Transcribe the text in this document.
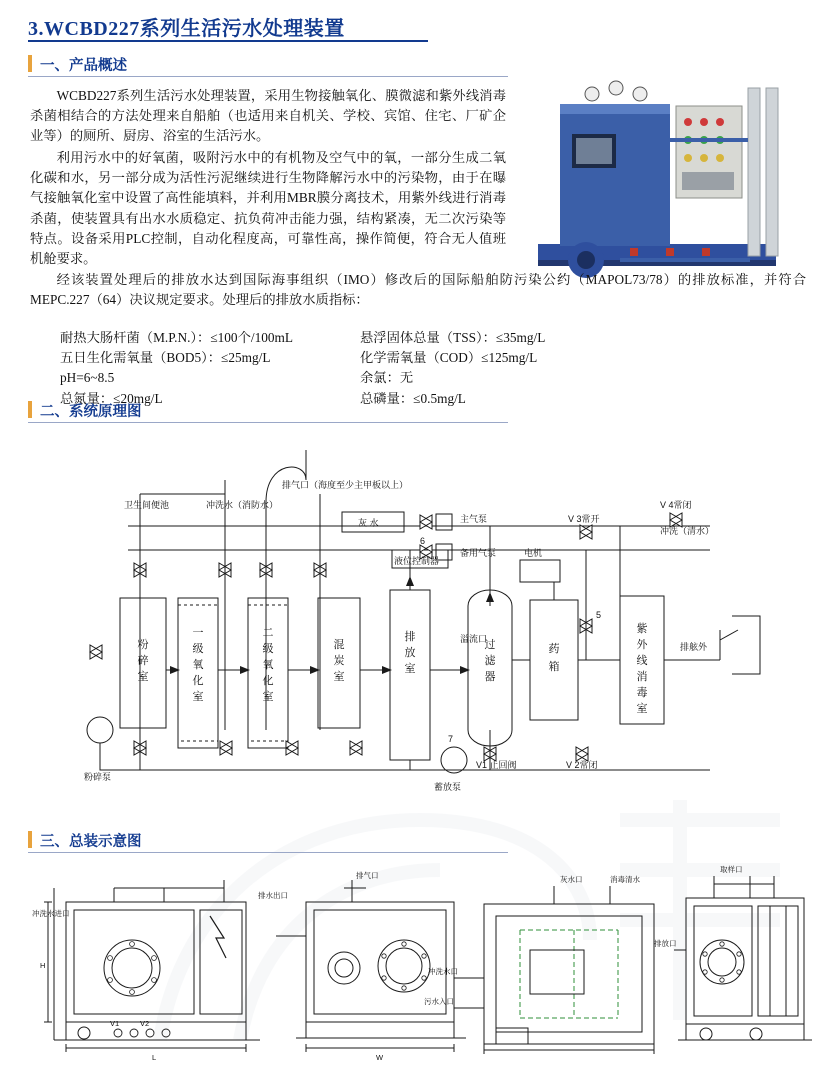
3.WCBD227系列生活污水处理装置
一、产品概述
WCBD227系列生活污水处理装置，采用生物接触氧化、膜微滤和紫外线消毒杀菌相结合的方法处理来自船舶（也适用来自机关、学校、宾馆、住宅、厂矿企业等）的厕所、厨房、浴室的生活污水。
利用污水中的好氧菌，吸附污水中的有机物及空气中的氧，一部分生成二氧化碳和水，另一部分成为活性污泥继续进行生物降解污水中的污染物，由于在曝气接触氧化室中设置了高性能填料，并利用MBR膜分离技术，用紫外线进行消毒杀菌，使装置具有出水水质稳定、抗负荷冲击能力强，结构紧凑，无二次污染等特点。设备采用PLC控制，自动化程度高，可靠性高，操作简便，符合无人值班机舱要求。
经该装置处理后的排放水达到国际海事组织（IMO）修改后的国际船舶防污染公约（MAPOL73/78）的排放标准，并符合MEPC.227（64）决议规定要求。处理后的排放水质指标：
耐热大肠杆菌（M.P.N.）：≤100个/100mL	悬浮固体总量（TSS）：≤35mg/L
五日生化需氧量（BOD5）：≤25mg/L	化学需氧量（COD）≤125mg/L
pH=6~8.5	余氯：无
总氮量：≤20mg/L	总磷量：≤0.5mg/L
二、系统原理图
排气口（海度至少主甲板以上）
卫生间便池	冲洗水（消防水）
灰 水	主气泵
备用气泵
V 4常闭
V 3常开
冲洗（清水）
液位控制器
电机
6
5
7
V1 止回阀	V 2常闭
溢流口
排舷外
粉碎泵
蓄放泵
粉
碎
室
一
级
氧
化
室
二
级
氧
化
室
混
炭
室
排
放
室
过
滤
器
药
箱
紫
外
线
消
毒
室
三、总装示意图
冲洗水进口
排水出口
V1	V2
L
H
排气口
W
灰水口	消毒清水
冲洗水口
污水入口
取样口
排放口
